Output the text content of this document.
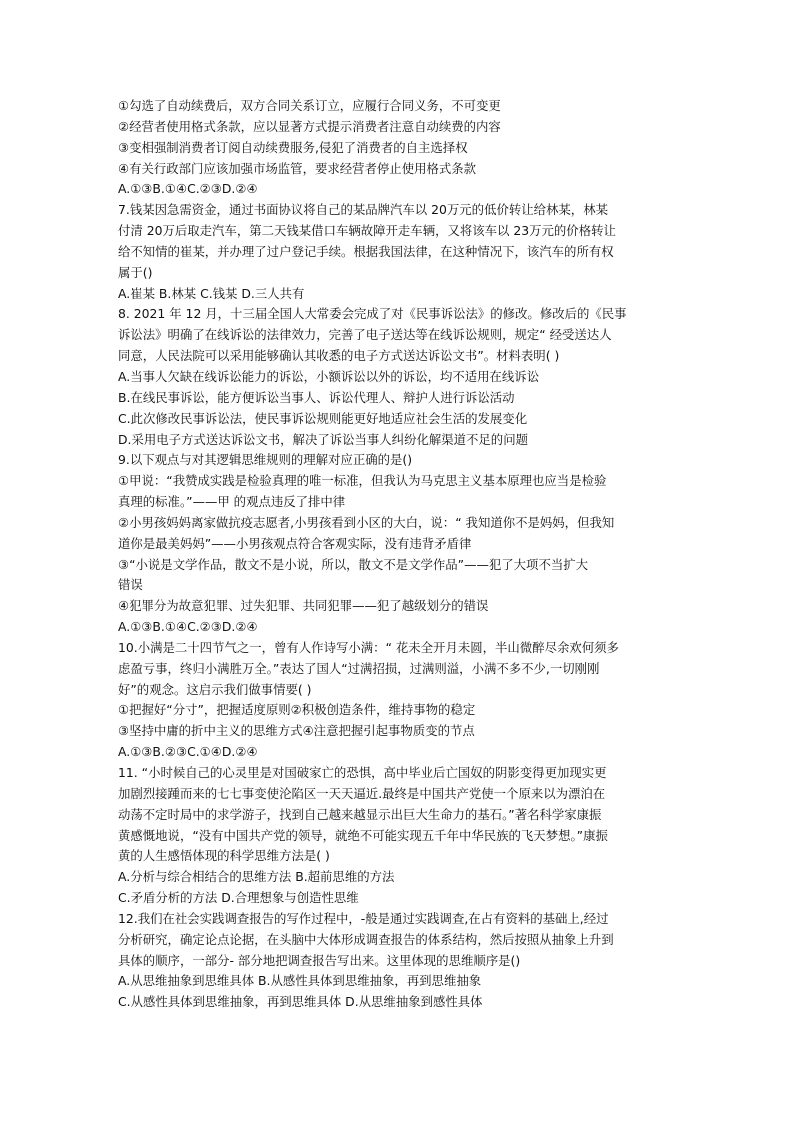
①勾选了自动续费后，双方合同关系订立，应履行合同义务，不可变更

②经营者使用格式条款，应以显著方式提示消费者注意自动续费的内容

③变相强制消费者订阅自动续费服务,侵犯了消费者的自主选择权

④有关行政部门应该加强市场监管，要求经营者停止使用格式条款

A.①③B.①④C.②③D.②④

7.钱某因急需资金，通过书面协议将自己的某品牌汽车以 20万元的低价转让给林某，林某

付清 20万后取走汽车，第二天钱某借口车辆故障开走车辆，又将该车以 23万元的价格转让

给不知情的崔某，并办理了过户登记手续。根据我国法律，在这种情况下，该汽车的所有权

属于()

A.崔某 B.林某 C.钱某 D.三人共有

8. 2021 年 12 月，十三届全国人大常委会完成了对《民事诉讼法》的修改。修改后的《民事

诉讼法》明确了在线诉讼的法律效力，完善了电子送达等在线诉讼规则，规定“ 经受送达人

同意，人民法院可以采用能够确认其收悉的电子方式送达诉讼文书”。材料表明( )

A.当事人欠缺在线诉讼能力的诉讼，小额诉讼以外的诉讼，均不适用在线诉讼

B.在线民事诉讼，能方便诉讼当事人、诉讼代理人、辩护人进行诉讼活动

C.此次修改民事诉讼法，使民事诉讼规则能更好地适应社会生活的发展变化

D.采用电子方式送达诉讼文书，解决了诉讼当事人纠纷化解渠道不足的问题

9.以下观点与对其逻辑思维规则的理解对应正确的是()

①甲说：“我赞成实践是检验真理的唯一标准，但我认为马克思主义基本原理也应当是检验

真理的标准。”——甲 的观点违反了排中律

②小男孩妈妈离家做抗疫志愿者,小男孩看到小区的大白，说：“ 我知道你不是妈妈，但我知

道你是最美妈妈”——小男孩观点符合客观实际，没有违背矛盾律

③“小说是文学作品，散文不是小说，所以，散文不是文学作品”——犯了大项不当扩大

错误

④犯罪分为故意犯罪、过失犯罪、共同犯罪——犯了越级划分的错误

A.①③B.①④C.②③D.②④

10.小满是二十四节气之一，曾有人作诗写小满：“ 花未全开月未圆，半山微醉尽余欢何须多

虑盈亏事，终归小满胜万全。”表达了国人“过满招损，过满则溢，小满不多不少,一切刚刚

好”的观念。这启示我们做事情要( )

①把握好“分寸”，把握适度原则②积极创造条件，维持事物的稳定

③坚持中庸的折中主义的思维方式④注意把握引起事物质变的节点

A.①③B.②③C.①④D.②④

11. “小时候自己的心灵里是对国破家亡的恐惧，高中毕业后亡国奴的阴影变得更加现实更

加剧烈接踵而来的七七事变使沦陷区一天天逼近.最终是中国共产党使一个原来以为漂泊在

动荡不定时局中的求学游子，找到自己越来越显示出巨大生命力的基石。”著名科学家康振

黄感慨地说，“没有中国共产党的领导，就绝不可能实现五千年中华民族的飞天梦想。”康振

黄的人生感悟体现的科学思维方法是( )

A.分析与综合相结合的思维方法 B.超前思维的方法

C.矛盾分析的方法 D.合理想象与创造性思维

12.我们在社会实践调查报告的写作过程中，-般是通过实践调查,在占有资料的基础上,经过

分析研究，确定论点论据，在头脑中大体形成调查报告的体系结构，然后按照从抽象上升到

具体的顺序，一部分- 部分地把调查报告写出来。这里体现的思维顺序是()

A.从思维抽象到思维具体 B.从感性具体到思维抽象，再到思维抽象

C.从感性具体到思维抽象，再到思维具体 D.从思维抽象到感性具体
